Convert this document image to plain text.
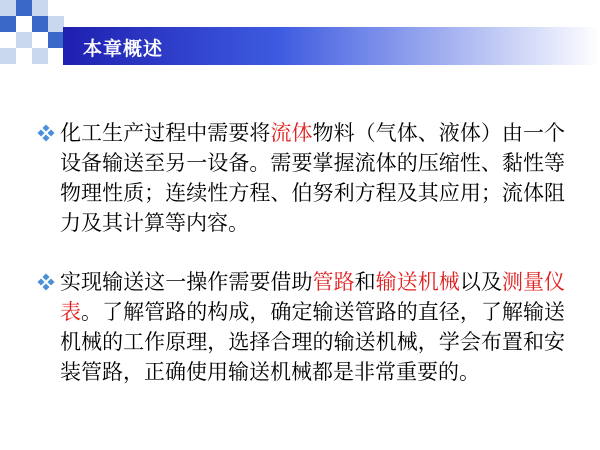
本章概述
化工生产过程中需要将流体物料（气体、液体）由一个设备输送至另一设备。需要掌握流体的压缩性、黏性等物理性质；连续性方程、伯努利方程及其应用；流体阻力及其计算等内容。
实现输送这一操作需要借助管路和输送机械以及测量仪表。了解管路的构成，确定输送管路的直径，了解输送机械的工作原理，选择合理的输送机械，学会布置和安装管路，正确使用输送机械都是非常重要的。
